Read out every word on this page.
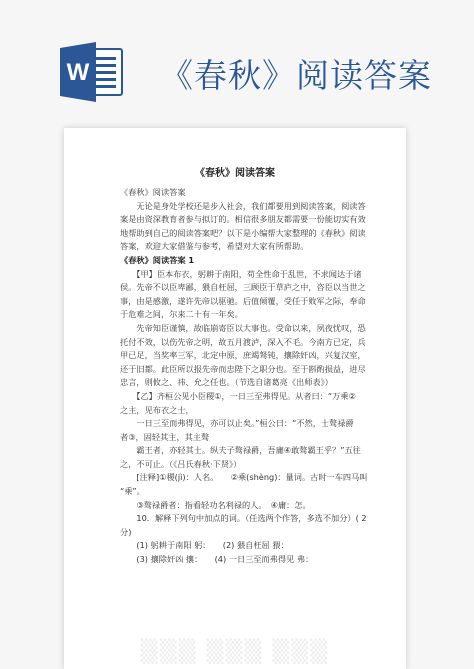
W 《春秋》阅读答案
《春秋》阅读答案
《春秋》阅读答案
　　无论是身处学校还是步入社会，我们都要用到阅读答案，阅读答
案是由资深教育者参与拟订的。相信很多朋友都需要一份能切实有效
地帮助到自己的阅读答案吧？以下是小编帮大家整理的《春秋》阅读
答案，欢迎大家借鉴与参考，希望对大家有所帮助。
《春秋》阅读答案 1
　　【甲】臣本布衣，躬耕于南阳，苟全性命于乱世，不求闻达于诸
侯。先帝不以臣卑鄙，猥自枉屈，三顾臣于草庐之中，咨臣以当世之
事，由是感激，遂许先帝以驱驰。后值倾覆，受任于败军之际，奉命
于危难之间，尔来二十有一年矣。
　　先帝知臣谨慎，故临崩寄臣以大事也。受命以来，夙夜忧叹，恐
托付不效，以伤先帝之明，故五月渡泸，深入不毛。今南方已定，兵
甲已足，当奖率三军，北定中原，庶竭驽钝，攘除奸凶，兴复汉室，
还于旧都。此臣所以报先帝而忠陛下之职分也。至于斟酌损益，进尽
忠言，则攸之、祎、允之任也。（节选自诸葛亮《出师表》）
　　【乙】齐桓公见小臣稷①，一日三至弗得见。从者曰：“万乘②
之主，见布衣之士，
　　一日三至而弗得见，亦可以止矣。”桓公曰：“不然，士骜禄爵
者③，固轻其主，其主骜
　　霸王者，亦轻其士。纵夫子骜禄爵，吾庸④敢骜霸王乎？”五往
之，不可止。（《吕氏春秋·下贤》）
　　[注释]①稷(jì)：人名。　　②乘(shèng)：量词。古时一车四马叫
“乘”。
　　③骜禄爵者：指看轻功名利禄的人。　④庸：怎。
　　10．解释下列句中加点的词。（任选两个作答，多选不加分）( 2
分)
　　(1) 躬耕于南阳 躬：　　(2) 猥自枉屈 猥：
　　(3) 攘除奸凶 攘：　　(4) 一日三至而弗得见 弗：
▒▒▒ ▒▒▒ ▒▒▒
